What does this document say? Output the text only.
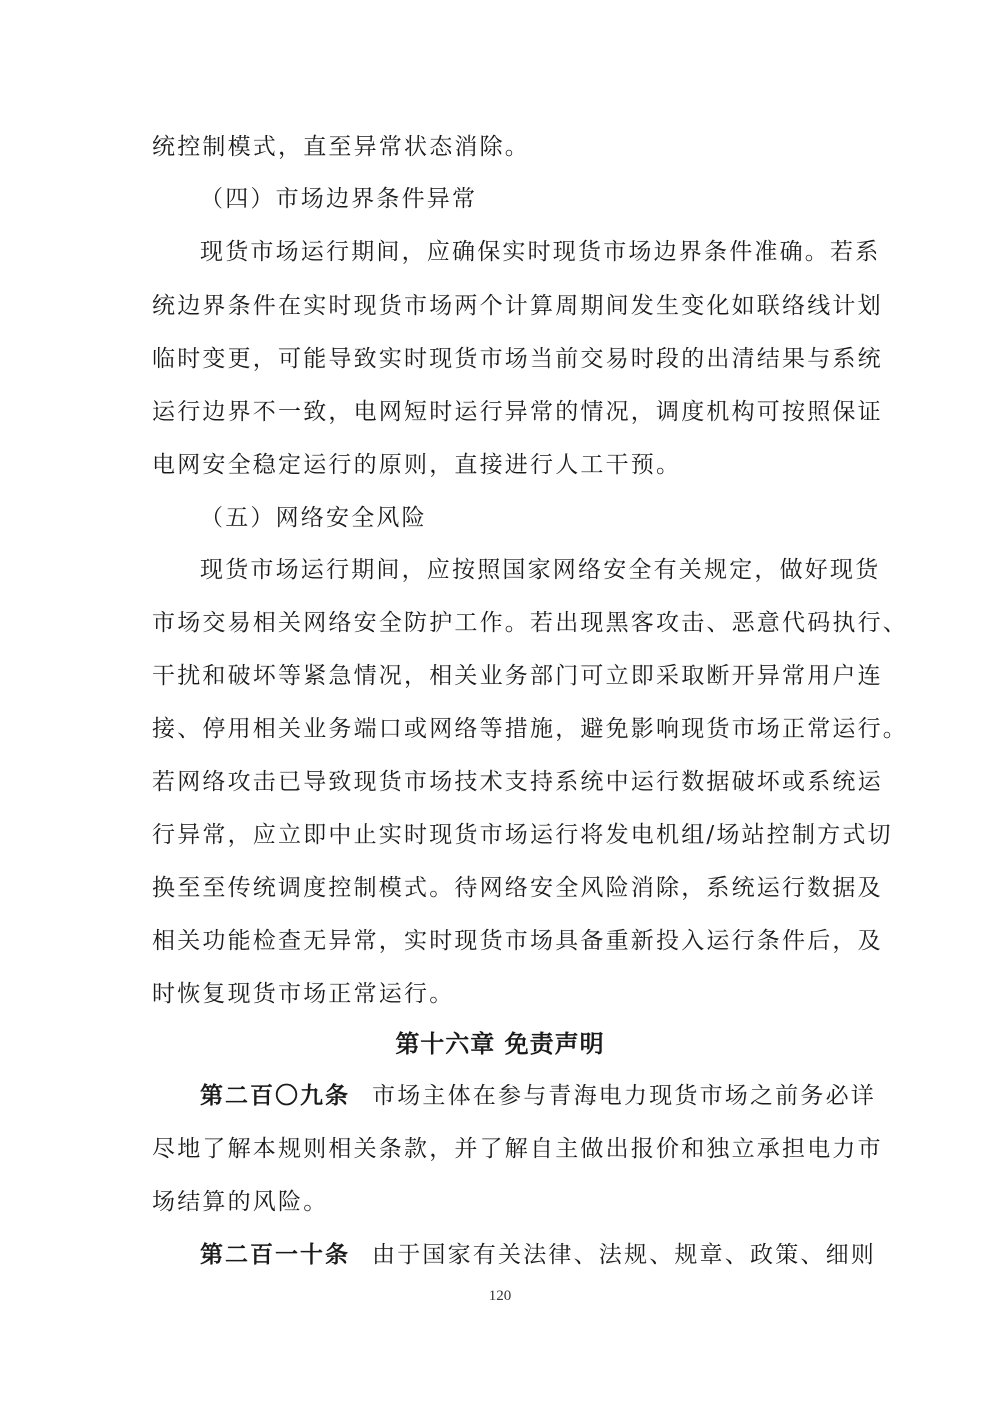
统控制模式，直至异常状态消除。
（四）市场边界条件异常
现货市场运行期间，应确保实时现货市场边界条件准确。若系
统边界条件在实时现货市场两个计算周期间发生变化如联络线计划
临时变更，可能导致实时现货市场当前交易时段的出清结果与系统
运行边界不一致，电网短时运行异常的情况，调度机构可按照保证
电网安全稳定运行的原则，直接进行人工干预。
（五）网络安全风险
现货市场运行期间，应按照国家网络安全有关规定，做好现货
市场交易相关网络安全防护工作。若出现黑客攻击、恶意代码执行、
干扰和破坏等紧急情况，相关业务部门可立即采取断开异常用户连
接、停用相关业务端口或网络等措施，避免影响现货市场正常运行。
若网络攻击已导致现货市场技术支持系统中运行数据破坏或系统运
行异常，应立即中止实时现货市场运行将发电机组/场站控制方式切
换至至传统调度控制模式。待网络安全风险消除，系统运行数据及
相关功能检查无异常，实时现货市场具备重新投入运行条件后，及
时恢复现货市场正常运行。
第十六章 免责声明
第二百〇九条 市场主体在参与青海电力现货市场之前务必详
尽地了解本规则相关条款，并了解自主做出报价和独立承担电力市
场结算的风险。
第二百一十条 由于国家有关法律、法规、规章、政策、细则
120
